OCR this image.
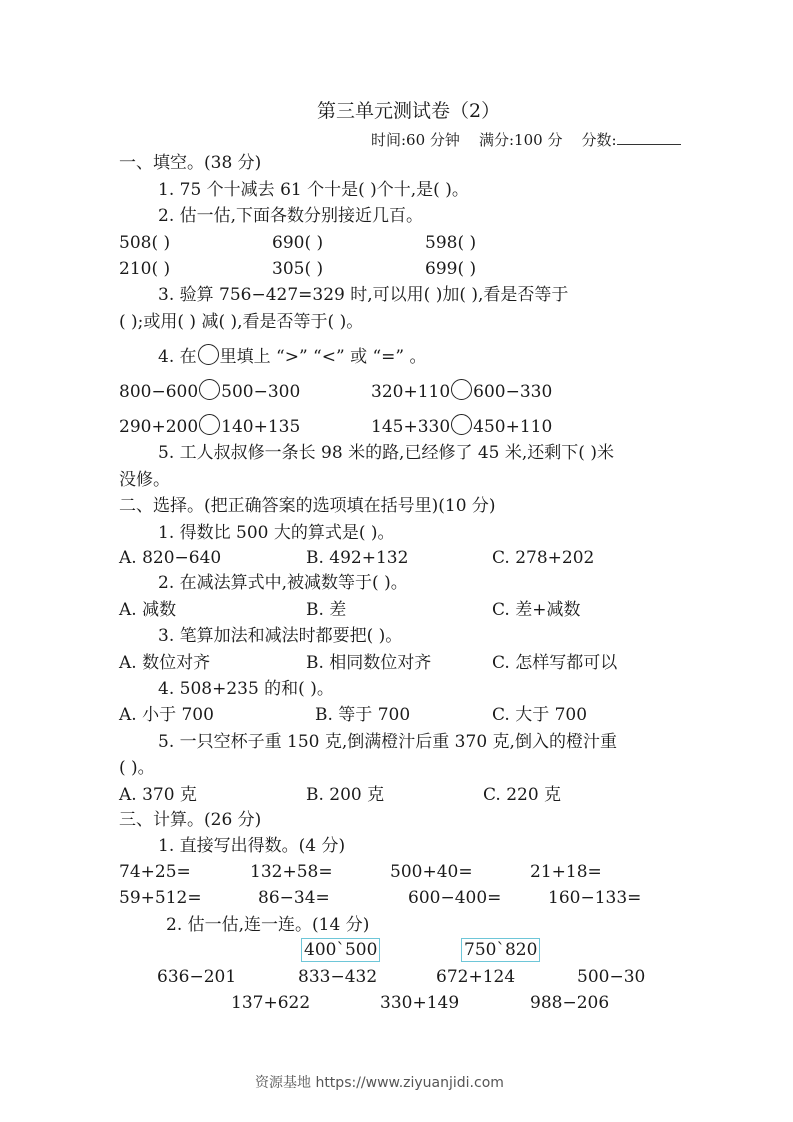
第三单元测试卷（2）
时间:60 分钟 满分:100 分 分数:
一、填空。(38 分)
1. 75 个十减去 61 个十是( )个十,是( )。
2. 估一估,下面各数分别接近几百。
508( )	690( )	598( )
210( )	305( )	699( )
3. 验算 756−427=329 时,可以用( )加( ),看是否等于
( );或用( ) 减( ),看是否等于( )。
4. 在 里填上 “>” “<” 或 “=” 。
800−600 500−300	320+110 600−330
290+200 140+135	145+330 450+110
5. 工人叔叔修一条长 98 米的路,已经修了 45 米,还剩下( )米
没修。
二、选择。(把正确答案的选项填在括号里)(10 分)
1. 得数比 500 大的算式是( )。
A. 820−640	B. 492+132	C. 278+202
2. 在减法算式中,被减数等于( )。
A. 减数	B. 差	C. 差+减数
3. 笔算加法和减法时都要把( )。
A. 数位对齐	B. 相同数位对齐	C. 怎样写都可以
4. 508+235 的和( )。
A. 小于 700	B. 等于 700	C. 大于 700
5. 一只空杯子重 150 克,倒满橙汁后重 370 克,倒入的橙汁重
( )。
A. 370 克	B. 200 克	C. 220 克
三、计算。(26 分)
1. 直接写出得数。(4 分)
74+25=	132+58=	500+40=	21+18=
59+512=	86−34=	600−400=	160−133=
2. 估一估,连一连。(14 分)
400ˋ500	750ˋ820
636−201	833−432	672+124	500−30
137+622	330+149	988−206
资源基地 https://www.ziyuanjidi.com
